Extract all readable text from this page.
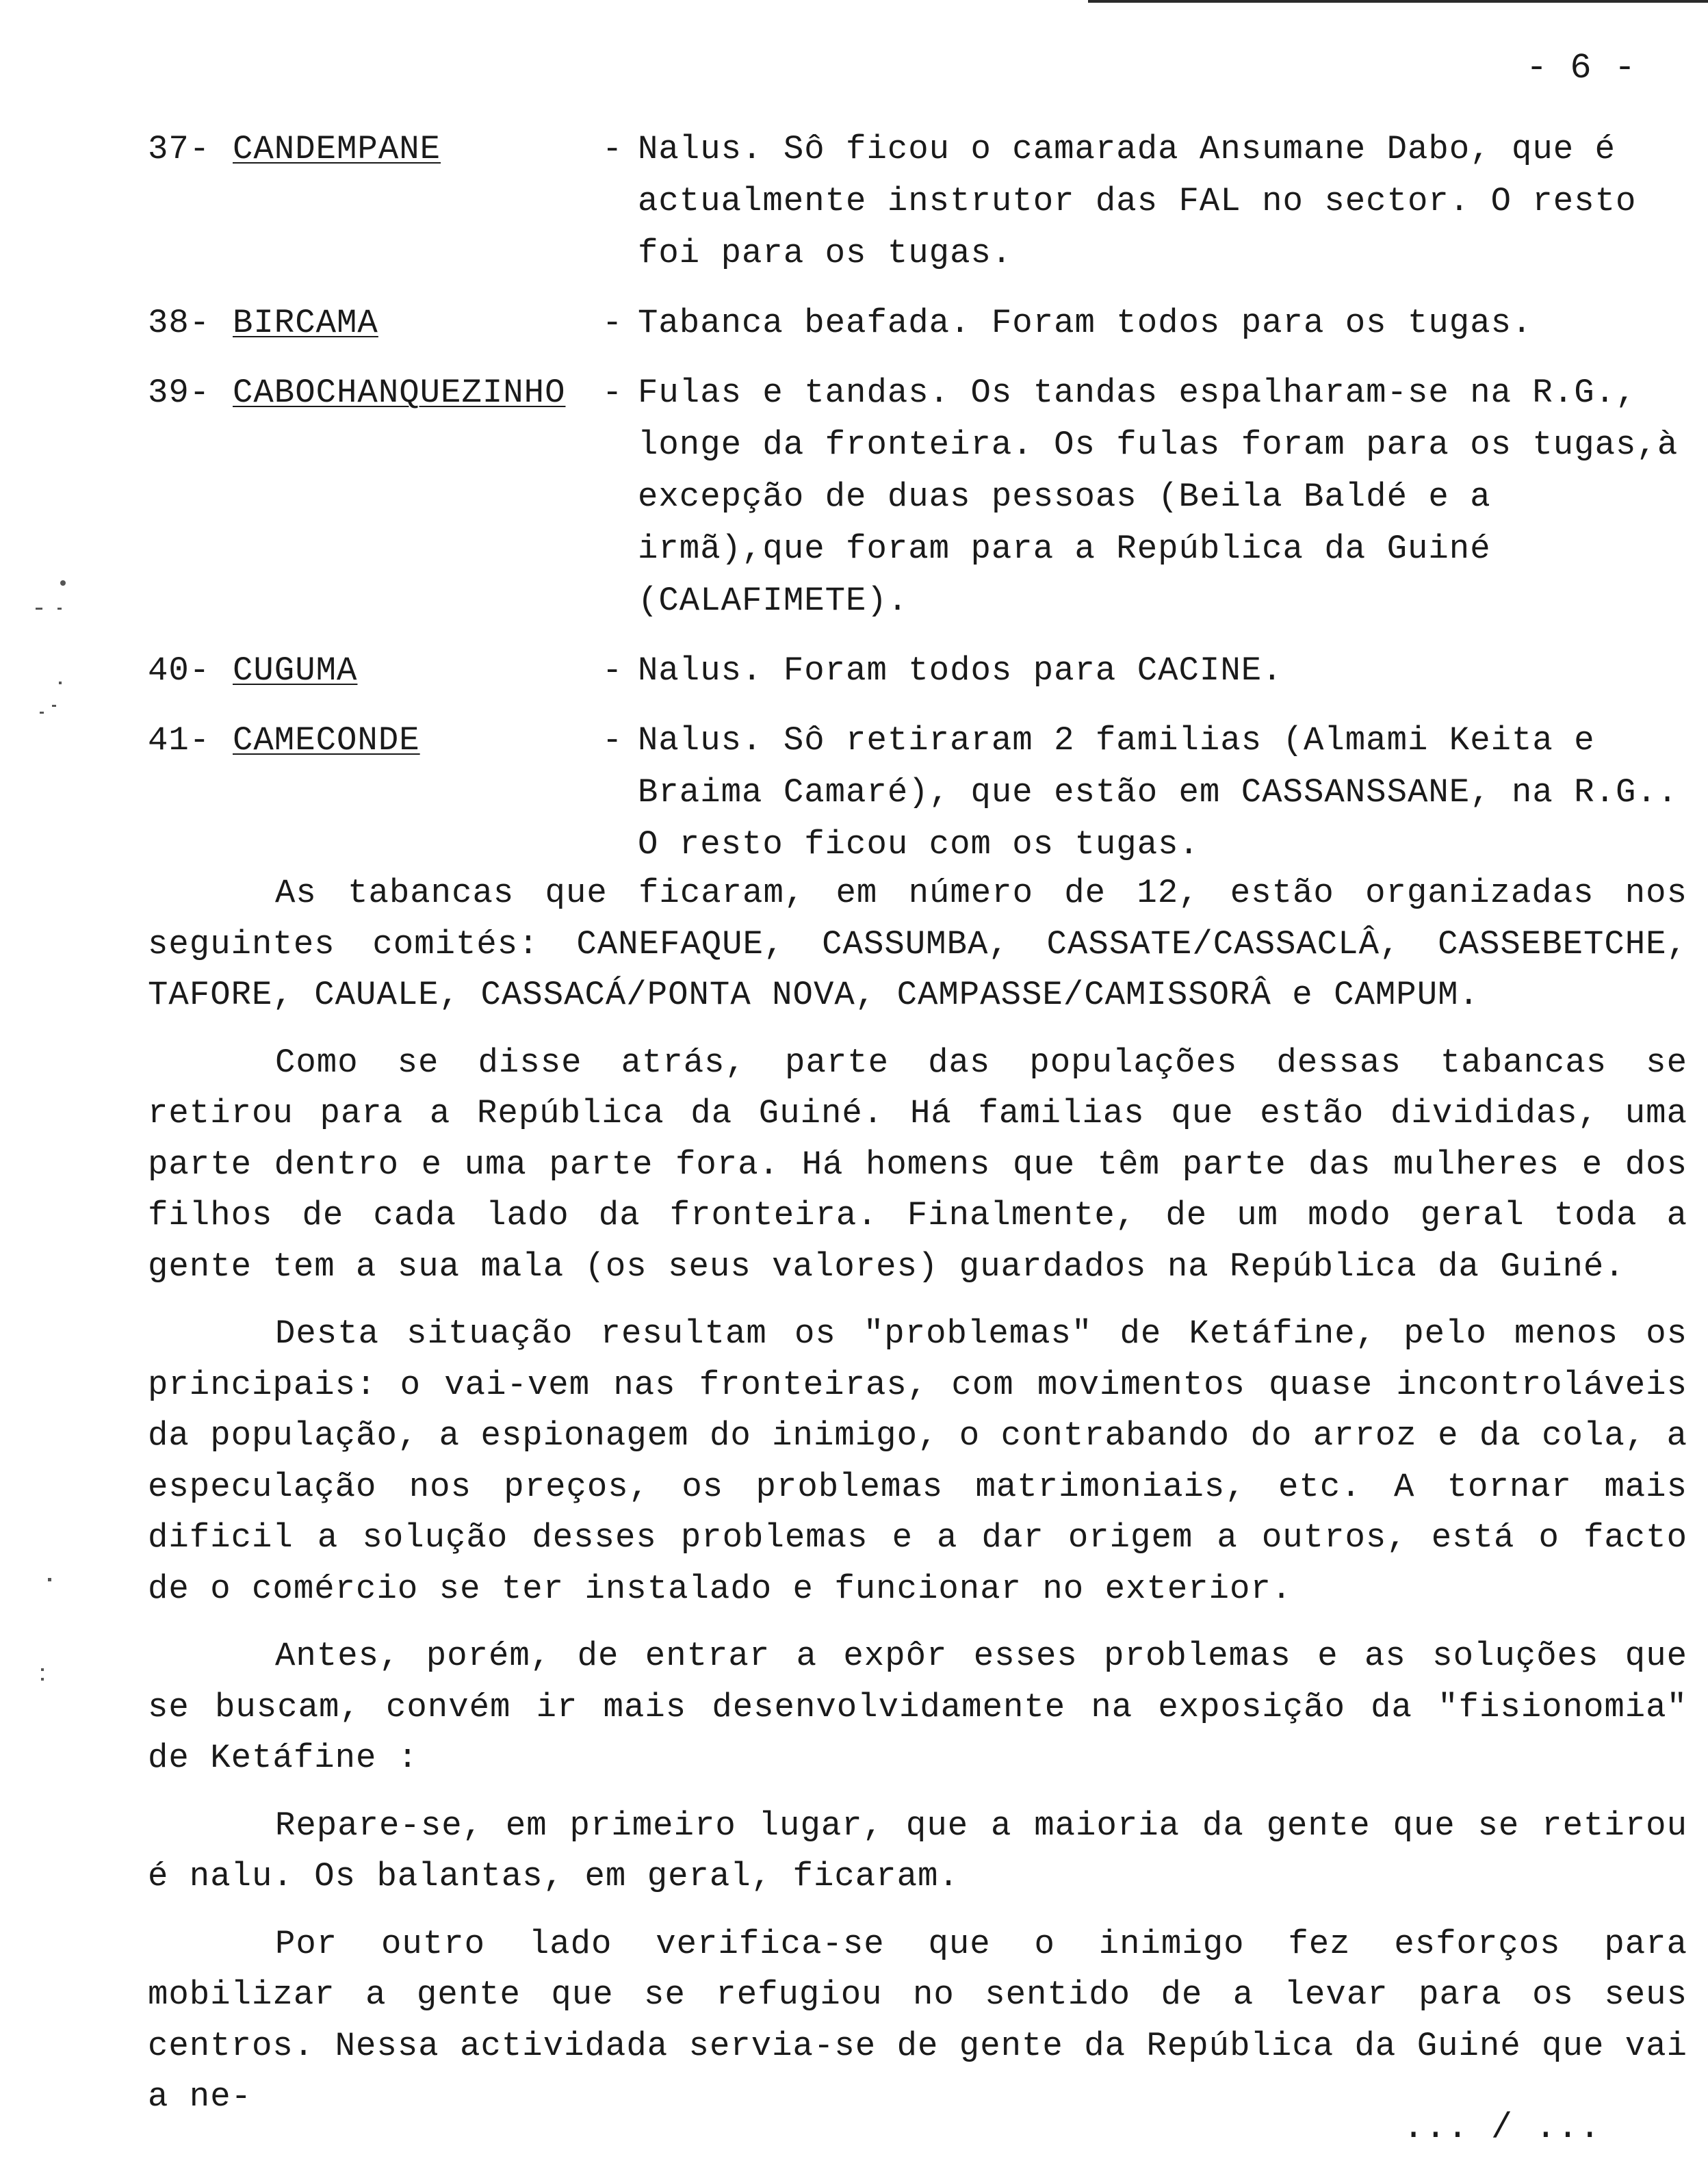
- 6 -
37- CANDEMPANE	- Nalus. Sô ficou o camarada Ansumane Dabo, que é actualmente instrutor das FAL no sector. O resto foi para os tugas.
38- BIRCAMA	- Tabanca beafada. Foram todos para os tugas.
39- CABOCHANQUEZINHO	- Fulas e tandas. Os tandas espalharam-se na R.G., longe da fronteira. Os fulas foram para os tugas,à excepção de duas pessoas (Beila Baldé e a irmã),que foram para a República da Guiné (CALAFIMETE).
40- CUGUMA	- Nalus. Foram todos para CACINE.
41- CAMECONDE	- Nalus. Sô retiraram 2 familias (Almami Keita e Braima Camaré), que estão em CASSANSSANE, na R.G.. O resto ficou com os tugas.

As tabancas que ficaram, em número de 12, estão organizadas nos seguintes comités: CANEFAQUE, CASSUMBA, CASSATE/CASSACLÂ, CASSEBETCHE, TAFORE, CAUALE, CASSACÁ/PONTA NOVA, CAMPASSE/CAMISSORÂ e CAMPUM.

Como se disse atrás, parte das populações dessas tabancas se retirou para a República da Guiné. Há familias que estão divididas, uma parte dentro e uma parte fora. Há homens que têm parte das mulheres e dos filhos de cada lado da fronteira. Finalmente, de um modo geral toda a gente tem a sua mala (os seus valores) guardados na República da Guiné.

Desta situação resultam os "problemas" de Ketáfine, pelo menos os principais: o vai-vem nas fronteiras, com movimentos quase incontroláveis da população, a espionagem do inimigo, o contrabando do arroz e da cola, a especulação nos preços, os problemas matrimoniais, etc. A tornar mais dificil a solução desses problemas e a dar origem a outros, está o facto de o comércio se ter instalado e funcionar no exterior.

Antes, porém, de entrar a expôr esses problemas e as soluções que se buscam, convém ir mais desenvolvidamente na exposição da "fisionomia" de Ketáfine :

Repare-se, em primeiro lugar, que a maioria da gente que se retirou é nalu. Os balantas, em geral, ficaram.

Por outro lado verifica-se que o inimigo fez esforços para mobilizar a gente que se refugiou no sentido de a levar para os seus centros. Nessa actividada servia-se de gente da República da Guiné que vai a ne-

... / ...
